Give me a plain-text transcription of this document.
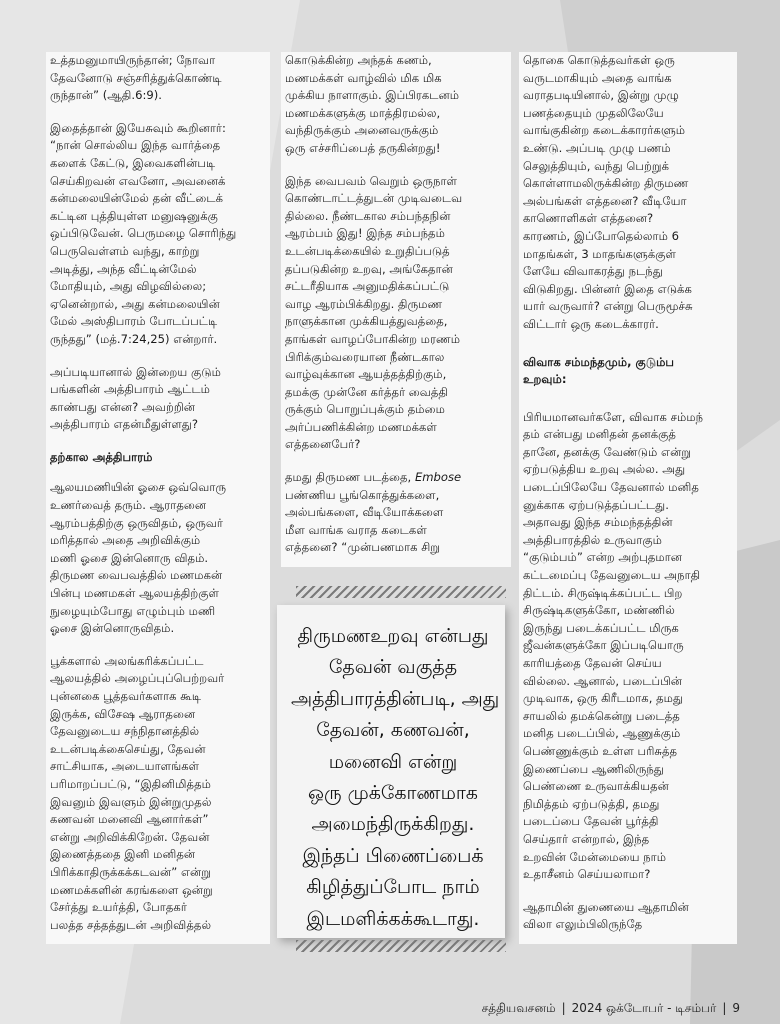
உத்தமனுமாயிருந்தான்; நோவா
தேவனோடு சஞ்சரித்துக்கொண்டி
ருந்தான்” (ஆதி.6:9).

இதைத்தான் இயேசுவும் கூறினார்:
“நான் சொல்லிய இந்த வார்த்தை
களைக் கேட்டு, இவைகளின்படி
செய்கிறவன் எவனோ, அவனைக்
கன்மலையின்மேல் தன் வீட்டைக்
கட்டின புத்தியுள்ள மனுஷனுக்கு
ஒப்பிடுவேன். பெருமழை சொரிந்து
பெருவெள்ளம் வந்து, காற்று
அடித்து, அந்த வீட்டின்மேல்
மோதியும், அது விழவில்லை;
ஏனென்றால், அது கன்மலையின்
மேல் அஸ்திபாரம் போடப்பட்டி
ருந்தது” (மத்.7:24,25) என்றார்.

அப்படியானால் இன்றைய குடும்
பங்களின் அத்திபாரம் ஆட்டம்
காண்பது என்ன? அவற்றின்
அத்திபாரம் எதன்மீதுள்ளது?

தற்கால அத்திபாரம்

ஆலயமணியின் ஓசை ஒவ்வொரு
உணர்வைத் தரும். ஆராதனை
ஆரம்பத்திற்கு ஒருவிதம், ஒருவர்
மரித்தால் அதை அறிவிக்கும்
மணி ஓசை இன்னொரு விதம்.
திருமண வைபவத்தில் மணமகன்
பின்பு மணமகள் ஆலயத்திற்குள்
நுழையும்போது எழும்பும் மணி
ஓசை இன்னொருவிதம்.

பூக்களால் அலங்கரிக்கப்பட்ட
ஆலயத்தில் அழைப்புப்பெற்றவர்
புன்னகை பூத்தவர்களாக கூடி
இருக்க, விசேஷ ஆராதனை
தேவனுடைய சந்நிதானத்தில்
உடன்படிக்கைசெய்து, தேவன்
சாட்சியாக, அடையாளங்கள்
பரிமாறப்பட்டு, “இதினிமித்தம்
இவனும் இவளும் இன்றுமுதல்
கணவன் மனைவி ஆனார்கள்”
என்று அறிவிக்கிறேன். தேவன்
இணைத்ததை இனி மனிதன்
பிரிக்காதிருக்கக்கடவன்” என்று
மணமக்களின் கரங்களை ஒன்று
சேர்த்து உயர்த்தி, போதகர்
பலத்த சத்தத்துடன் அறிவித்தல்

கொடுக்கின்ற அந்தக் கணம்,
மணமக்கள் வாழ்வில் மிக மிக
முக்கிய நாளாகும். இப்பிரகடனம்
மணமக்களுக்கு மாத்திரமல்ல,
வந்திருக்கும் அனைவருக்கும்
ஒரு எச்சரிப்பைத் தருகின்றது!

இந்த வைபவம் வெறும் ஒருநாள்
கொண்டாட்டத்துடன் முடிவடைவ
தில்லை. நீண்டகால சம்பந்தநின்
ஆரம்பம் இது! இந்த சம்பந்தம்
உடன்படிக்கையில் உறுதிப்படுத்
தப்படுகின்ற உறவு, அங்கேதான்
சட்டரீதியாக அனுமதிக்கப்பட்டு
வாழ ஆரம்பிக்கிறது. திருமண
நாளுக்கான முக்கியத்துவத்தை,
தாங்கள் வாழப்போகின்ற மரணம்
பிரிக்கும்வரையான நீண்டகால
வாழ்வுக்கான ஆயத்தத்திற்கும்,
தமக்கு முன்னே கர்த்தர் வைத்தி
ருக்கும் பொறுப்புக்கும் தம்மை
அர்ப்பணிக்கின்ற மணமக்கள்
எத்தனைபேர்?

தமது திருமண படத்தை, Embose
பண்ணிய பூங்கொத்துக்களை,
அல்பங்களை, வீடியோக்களை
மீள வாங்க வராத கடைகள்
எத்தனை? “முன்பணமாக சிறு

தொகை கொடுத்தவர்கள் ஒரு
வருடமாகியும் அதை வாங்க
வராதபடியினால், இன்று முழு
பணத்தையும் முதலிலேயே
வாங்குகின்ற கடைக்காரர்களும்
உண்டு. அப்படி முழு பணம்
செலுத்தியும், வந்து பெற்றுக்
கொள்ளாமலிருக்கின்ற திருமண
அல்பங்கள் எத்தனை? வீடியோ
காணொளிகள் எத்தனை?
காரணம், இப்போதெல்லாம் 6
மாதங்கள், 3 மாதங்களுக்குள்
ளேயே விவாகரத்து நடந்து
விடுகிறது. பின்னர் இதை எடுக்க
யார் வருவார்? என்று பெருமூச்சு
விட்டார் ஒரு கடைக்காரர்.

விவாக சம்மந்தமும், குடும்ப
உறவும்:

பிரியமானவர்களே, விவாக சம்மந்
தம் என்பது மனிதன் தனக்குத்
தானே, தனக்கு வேண்டும் என்று
ஏற்படுத்திய உறவு அல்ல. அது
படைப்பிலேயே தேவனால் மனித
னுக்காக ஏற்படுத்தப்பட்டது.
அதாவது இந்த சம்மந்தத்தின்
அத்திபாரத்தில் உருவாகும்
“குடும்பம்” என்ற அற்புதமான
கட்டமைப்பு தேவனுடைய அநாதி
திட்டம். சிருஷ்டிக்கப்பட்ட பிற
சிருஷ்டிகளுக்கோ, மண்ணில்
இருந்து படைக்கப்பட்ட மிருக
ஜீவன்களுக்கோ இப்படியொரு
காரியத்தை தேவன் செய்ய
வில்லை. ஆனால், படைப்பின்
முடிவாக, ஒரு கிரீடமாக, தமது
சாயலில் தமக்கென்று படைத்த
மனித படைப்பில், ஆணுக்கும்
பெண்ணுக்கும் உள்ள பரிசுத்த
இணைப்பை ஆணிலிருந்து
பெண்ணை உருவாக்கியதன்
நிமித்தம் ஏற்படுத்தி, தமது
படைப்பை தேவன் பூர்த்தி
செய்தார் என்றால், இந்த
உறவின் மேன்மையை நாம்
உதாசீனம் செய்யலாமா?

ஆதாமின் துணையை ஆதாமின்
விலா எலும்பிலிருந்தே

திருமணஉறவு என்பது
தேவன் வகுத்த
அத்திபாரத்தின்படி, அது
தேவன், கணவன்,
மனைவி என்று
ஒரு முக்கோணமாக
அமைந்திருக்கிறது.
இந்தப் பிணைப்பைக்
கிழித்துப்போட நாம்
இடமளிக்கக்கூடாது.
சத்தியவசனம் | 2024 ஒக்டோபர் - டிசம்பர் | 9
